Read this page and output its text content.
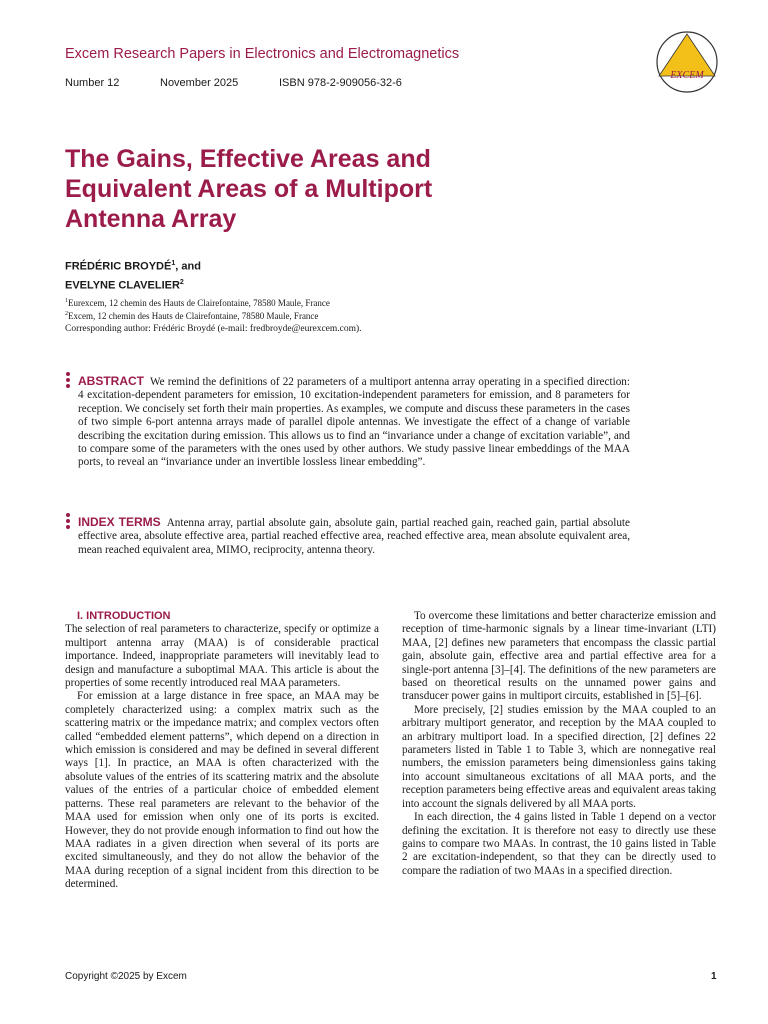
Excem Research Papers in Electronics and Electromagnetics
Number 12	November 2025	ISBN 978-2-909056-32-6
EXCEM
The Gains, Effective Areas and Equivalent Areas of a Multiport Antenna Array
FRÉDÉRIC BROYDÉ$^1$, and
EVELYNE CLAVELIER$^2$
$^1$Eurexcem, 12 chemin des Hauts de Clairefontaine, 78580 Maule, France
$^2$Excem, 12 chemin des Hauts de Clairefontaine, 78580 Maule, France
Corresponding author: Frédéric Broydé (e-mail: fredbroyde@eurexcem.com).
ABSTRACT We remind the definitions of 22 parameters of a multiport antenna array operating in a specified direction: 4 excitation-dependent parameters for emission, 10 excitation-independent parameters for emission, and 8 parameters for reception. We concisely set forth their main properties. As examples, we compute and discuss these parameters in the cases of two simple 6-port antenna arrays made of parallel dipole antennas. We investigate the effect of a change of variable describing the excitation during emission. This allows us to find an “invariance under a change of excitation variable”, and to compare some of the parameters with the ones used by other authors. We study passive linear embeddings of the MAA ports, to reveal an “invariance under an invertible lossless linear embedding”.
INDEX TERMS Antenna array, partial absolute gain, absolute gain, partial reached gain, reached gain, partial absolute effective area, absolute effective area, partial reached effective area, reached effective area, mean absolute equivalent area, mean reached equivalent area, MIMO, reciprocity, antenna theory.

I. INTRODUCTION

The selection of real parameters to characterize, specify or optimize a multiport antenna array (MAA) is of considerable practical importance. Indeed, inappropriate parameters will inevitably lead to design and manufacture a suboptimal MAA. This article is about the properties of some recently introduced real MAA parameters.

For emission at a large distance in free space, an MAA may be completely characterized using: a complex matrix such as the scattering matrix or the impedance matrix; and complex vectors often called “embedded element patterns”, which depend on a direction in which emission is considered and may be defined in several different ways [1]. In practice, an MAA is often characterized with the absolute values of the entries of its scattering matrix and the absolute values of the entries of a particular choice of embedded element patterns. These real parameters are relevant to the behavior of the MAA used for emission when only one of its ports is excited. However, they do not provide enough information to find out how the MAA radiates in a given direction when several of its ports are excited simultaneously, and they do not allow the behavior of the MAA during reception of a signal incident from this direction to be determined.

To overcome these limitations and better characterize emission and reception of time-harmonic signals by a linear time-invariant (LTI) MAA, [2] defines new parameters that encompass the classic partial gain, absolute gain, effective area and partial effective area for a single-port antenna [3]–[4]. The definitions of the new parameters are based on theoretical results on the unnamed power gains and transducer power gains in multiport circuits, established in [5]–[6].

More precisely, [2] studies emission by the MAA coupled to an arbitrary multiport generator, and reception by the MAA coupled to an arbitrary multiport load. In a specified direction, [2] defines 22 parameters listed in Table 1 to Table 3, which are nonnegative real numbers, the emission parameters being dimensionless gains taking into account simultaneous excitations of all MAA ports, and the reception parameters being effective areas and equivalent areas taking into account the signals delivered by all MAA ports.

In each direction, the 4 gains listed in Table 1 depend on a vector defining the excitation. It is therefore not easy to directly use these gains to compare two MAAs. In contrast, the 10 gains listed in Table 2 are excitation-independent, so that they can be directly used to compare the radiation of two MAAs in a specified direction.

Copyright ©2025 by Excem	1
